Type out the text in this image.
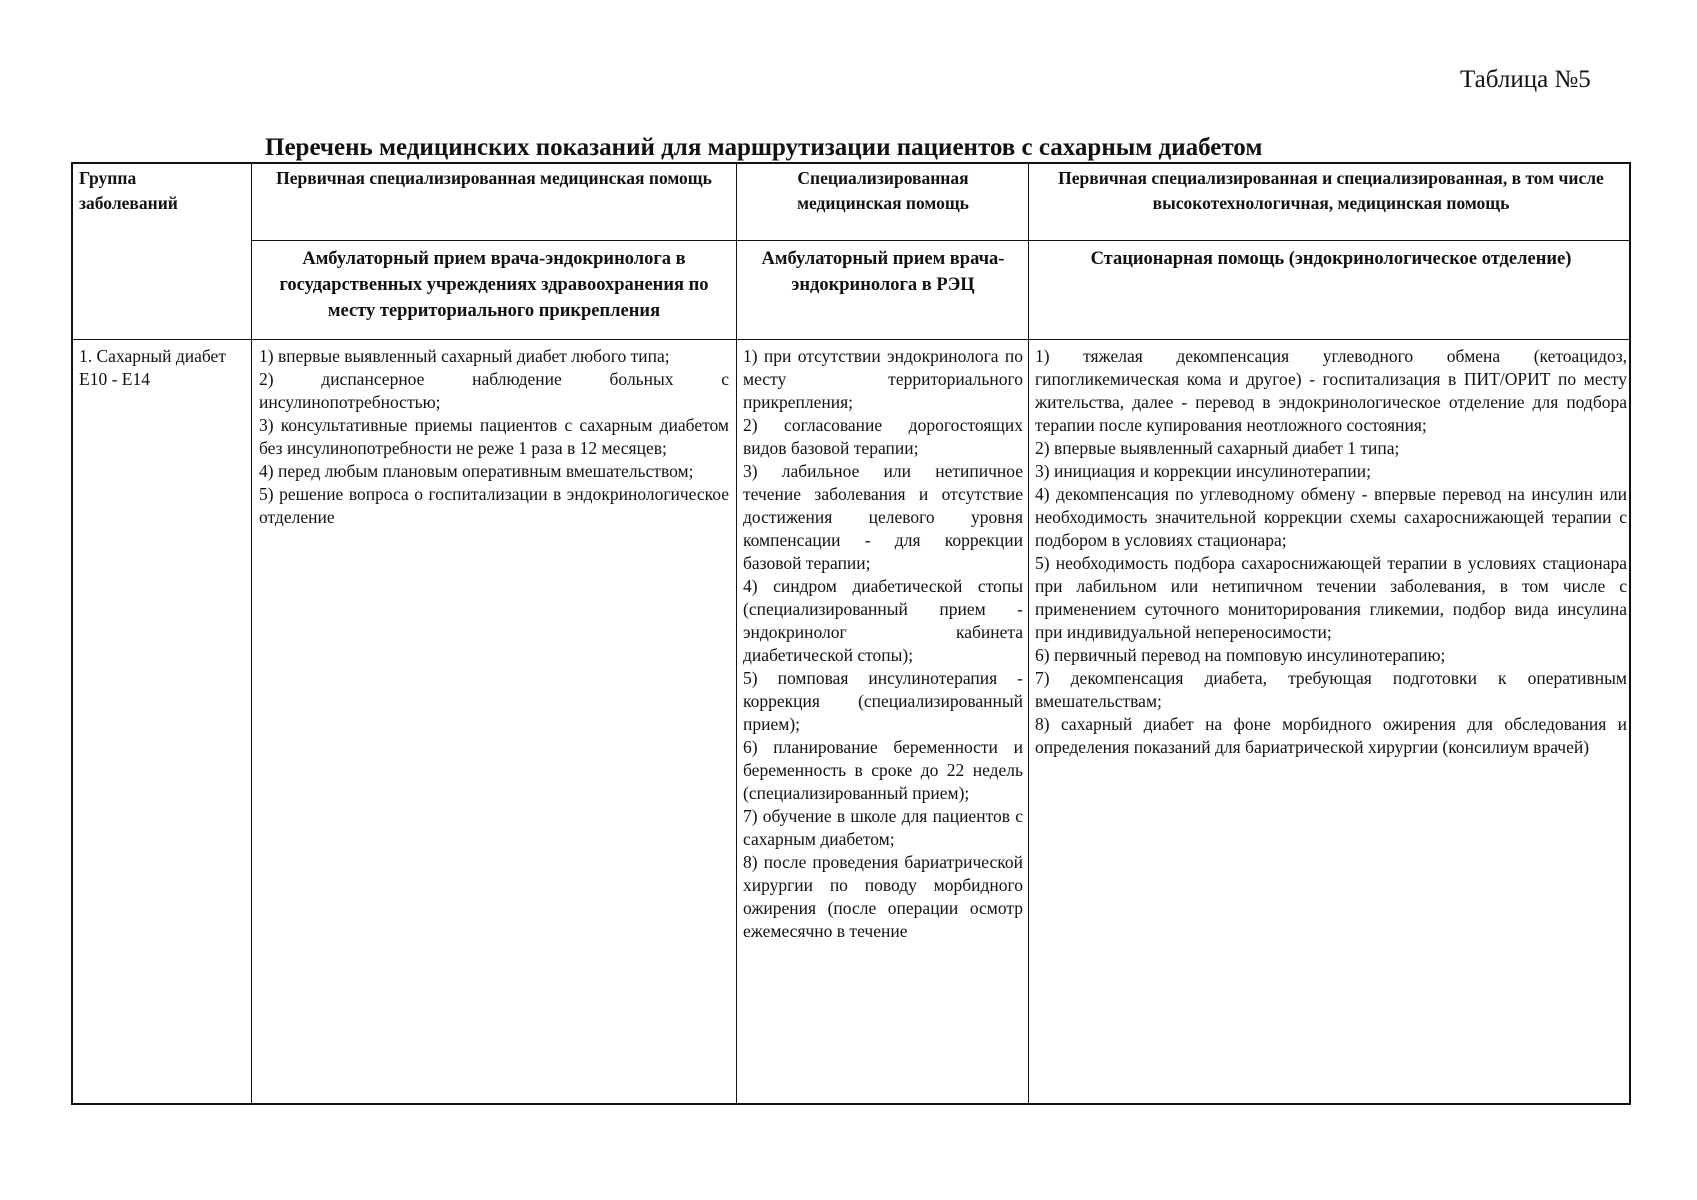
Таблица №5
Перечень медицинских показаний для маршрутизации пациентов с сахарным диабетом
Группа заболеваний
Первичная специализированная медицинская помощь	Специализированная медицинская помощь
Первичная специализированная и специализированная, в том числе высокотехнологичная, медицинская помощь
Амбулаторный прием врача-эндокринолога в государственных учреждениях здравоохранения по месту территориального прикрепления
Амбулаторный прием врача-эндокринолога в РЭЦ
Стационарная помощь (эндокринологическое отделение)
1. Сахарный диабет E10 - E14

1) впервые выявленный сахарный диабет любого типа;

2) диспансерное наблюдение больных с инсулинопотребностью;

3) консультативные приемы пациентов с сахарным диабетом без инсулинопотребности не реже 1 раза в 12 месяцев;

4) перед любым плановым оперативным вмешательством;

5) решение вопроса о госпитализации в эндокринологическое отделение

1) при отсутствии эндокринолога по месту территориального прикрепления;

2) согласование дорогостоящих видов базовой терапии;

3) лабильное или нетипичное течение заболевания и отсутствие достижения целевого уровня компенсации - для коррекции базовой терапии;

4) синдром диабетической стопы (специализированный прием - эндокринолог кабинета диабетической стопы);

5) помповая инсулинотерапия - коррекция (специализированный прием);

6) планирование беременности и беременность в сроке до 22 недель (специализированный прием);

7) обучение в школе для пациентов с сахарным диабетом;

8) после проведения бариатрической хирургии по поводу морбидного ожирения (после операции осмотр ежемесячно в течение

1) тяжелая декомпенсация углеводного обмена (кетоацидоз, гипогликемическая кома и другое) - госпитализация в ПИТ/ОРИТ по месту жительства, далее - перевод в эндокринологическое отделение для подбора терапии после купирования неотложного состояния;

2) впервые выявленный сахарный диабет 1 типа;

3) инициация и коррекции инсулинотерапии;

4) декомпенсация по углеводному обмену - впервые перевод на инсулин или необходимость значительной коррекции схемы сахароснижающей терапии с подбором в условиях стационара;

5) необходимость подбора сахароснижающей терапии в условиях стационара при лабильном или нетипичном течении заболевания, в том числе с применением суточного мониторирования гликемии, подбор вида инсулина при индивидуальной непереносимости;

6) первичный перевод на помповую инсулинотерапию;

7) декомпенсация диабета, требующая подготовки к оперативным вмешательствам;

8) сахарный диабет на фоне морбидного ожирения для обследования и определения показаний для бариатрической хирургии (консилиум врачей)
